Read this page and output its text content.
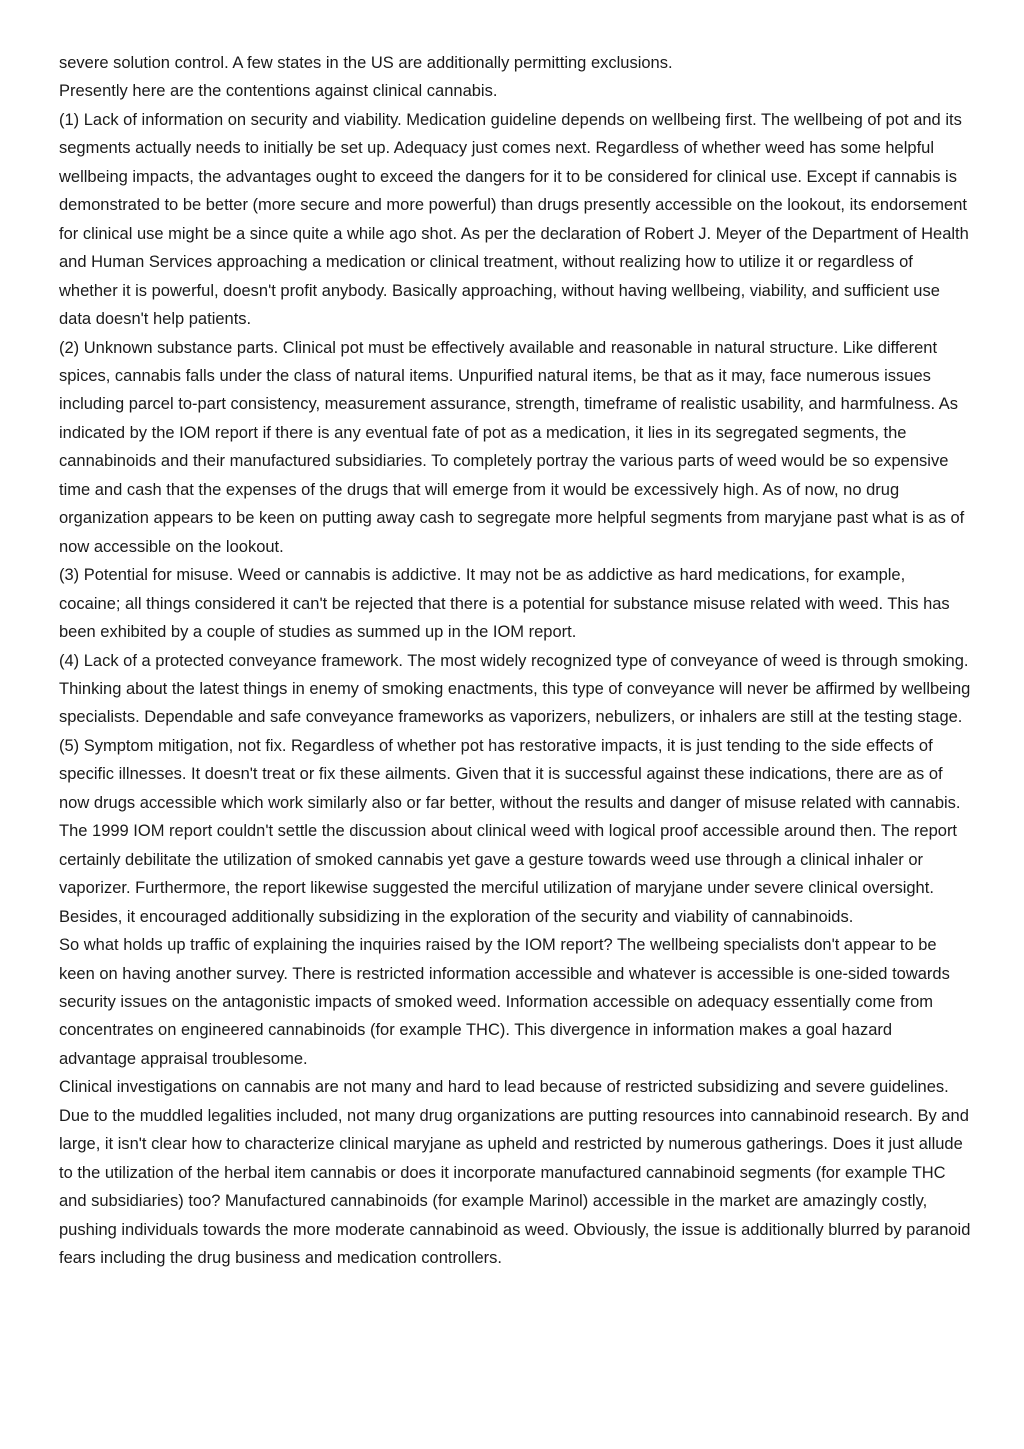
severe solution control. A few states in the US are additionally permitting exclusions.

Presently here are the contentions against clinical cannabis.

(1) Lack of information on security and viability. Medication guideline depends on wellbeing first. The wellbeing of pot and its segments actually needs to initially be set up. Adequacy just comes next. Regardless of whether weed has some helpful wellbeing impacts, the advantages ought to exceed the dangers for it to be considered for clinical use. Except if cannabis is demonstrated to be better (more secure and more powerful) than drugs presently accessible on the lookout, its endorsement for clinical use might be a since quite a while ago shot. As per the declaration of Robert J. Meyer of the Department of Health and Human Services approaching a medication or clinical treatment, without realizing how to utilize it or regardless of whether it is powerful, doesn't profit anybody. Basically approaching, without having wellbeing, viability, and sufficient use data doesn't help patients.

(2) Unknown substance parts. Clinical pot must be effectively available and reasonable in natural structure. Like different spices, cannabis falls under the class of natural items. Unpurified natural items, be that as it may, face numerous issues including parcel to-part consistency, measurement assurance, strength, timeframe of realistic usability, and harmfulness. As indicated by the IOM report if there is any eventual fate of pot as a medication, it lies in its segregated segments, the cannabinoids and their manufactured subsidiaries. To completely portray the various parts of weed would be so expensive time and cash that the expenses of the drugs that will emerge from it would be excessively high. As of now, no drug organization appears to be keen on putting away cash to segregate more helpful segments from maryjane past what is as of now accessible on the lookout.

(3) Potential for misuse. Weed or cannabis is addictive. It may not be as addictive as hard medications, for example, cocaine; all things considered it can't be rejected that there is a potential for substance misuse related with weed. This has been exhibited by a couple of studies as summed up in the IOM report.

(4) Lack of a protected conveyance framework. The most widely recognized type of conveyance of weed is through smoking. Thinking about the latest things in enemy of smoking enactments, this type of conveyance will never be affirmed by wellbeing specialists. Dependable and safe conveyance frameworks as vaporizers, nebulizers, or inhalers are still at the testing stage.

(5) Symptom mitigation, not fix. Regardless of whether pot has restorative impacts, it is just tending to the side effects of specific illnesses. It doesn't treat or fix these ailments. Given that it is successful against these indications, there are as of now drugs accessible which work similarly also or far better, without the results and danger of misuse related with cannabis.

The 1999 IOM report couldn't settle the discussion about clinical weed with logical proof accessible around then. The report certainly debilitate the utilization of smoked cannabis yet gave a gesture towards weed use through a clinical inhaler or vaporizer. Furthermore, the report likewise suggested the merciful utilization of maryjane under severe clinical oversight. Besides, it encouraged additionally subsidizing in the exploration of the security and viability of cannabinoids.

So what holds up traffic of explaining the inquiries raised by the IOM report? The wellbeing specialists don't appear to be keen on having another survey. There is restricted information accessible and whatever is accessible is one-sided towards security issues on the antagonistic impacts of smoked weed. Information accessible on adequacy essentially come from concentrates on engineered cannabinoids (for example THC). This divergence in information makes a goal hazard advantage appraisal troublesome.

Clinical investigations on cannabis are not many and hard to lead because of restricted subsidizing and severe guidelines. Due to the muddled legalities included, not many drug organizations are putting resources into cannabinoid research. By and large, it isn't clear how to characterize clinical maryjane as upheld and restricted by numerous gatherings. Does it just allude to the utilization of the herbal item cannabis or does it incorporate manufactured cannabinoid segments (for example THC and subsidiaries) too? Manufactured cannabinoids (for example Marinol) accessible in the market are amazingly costly, pushing individuals towards the more moderate cannabinoid as weed. Obviously, the issue is additionally blurred by paranoid fears including the drug business and medication controllers.
